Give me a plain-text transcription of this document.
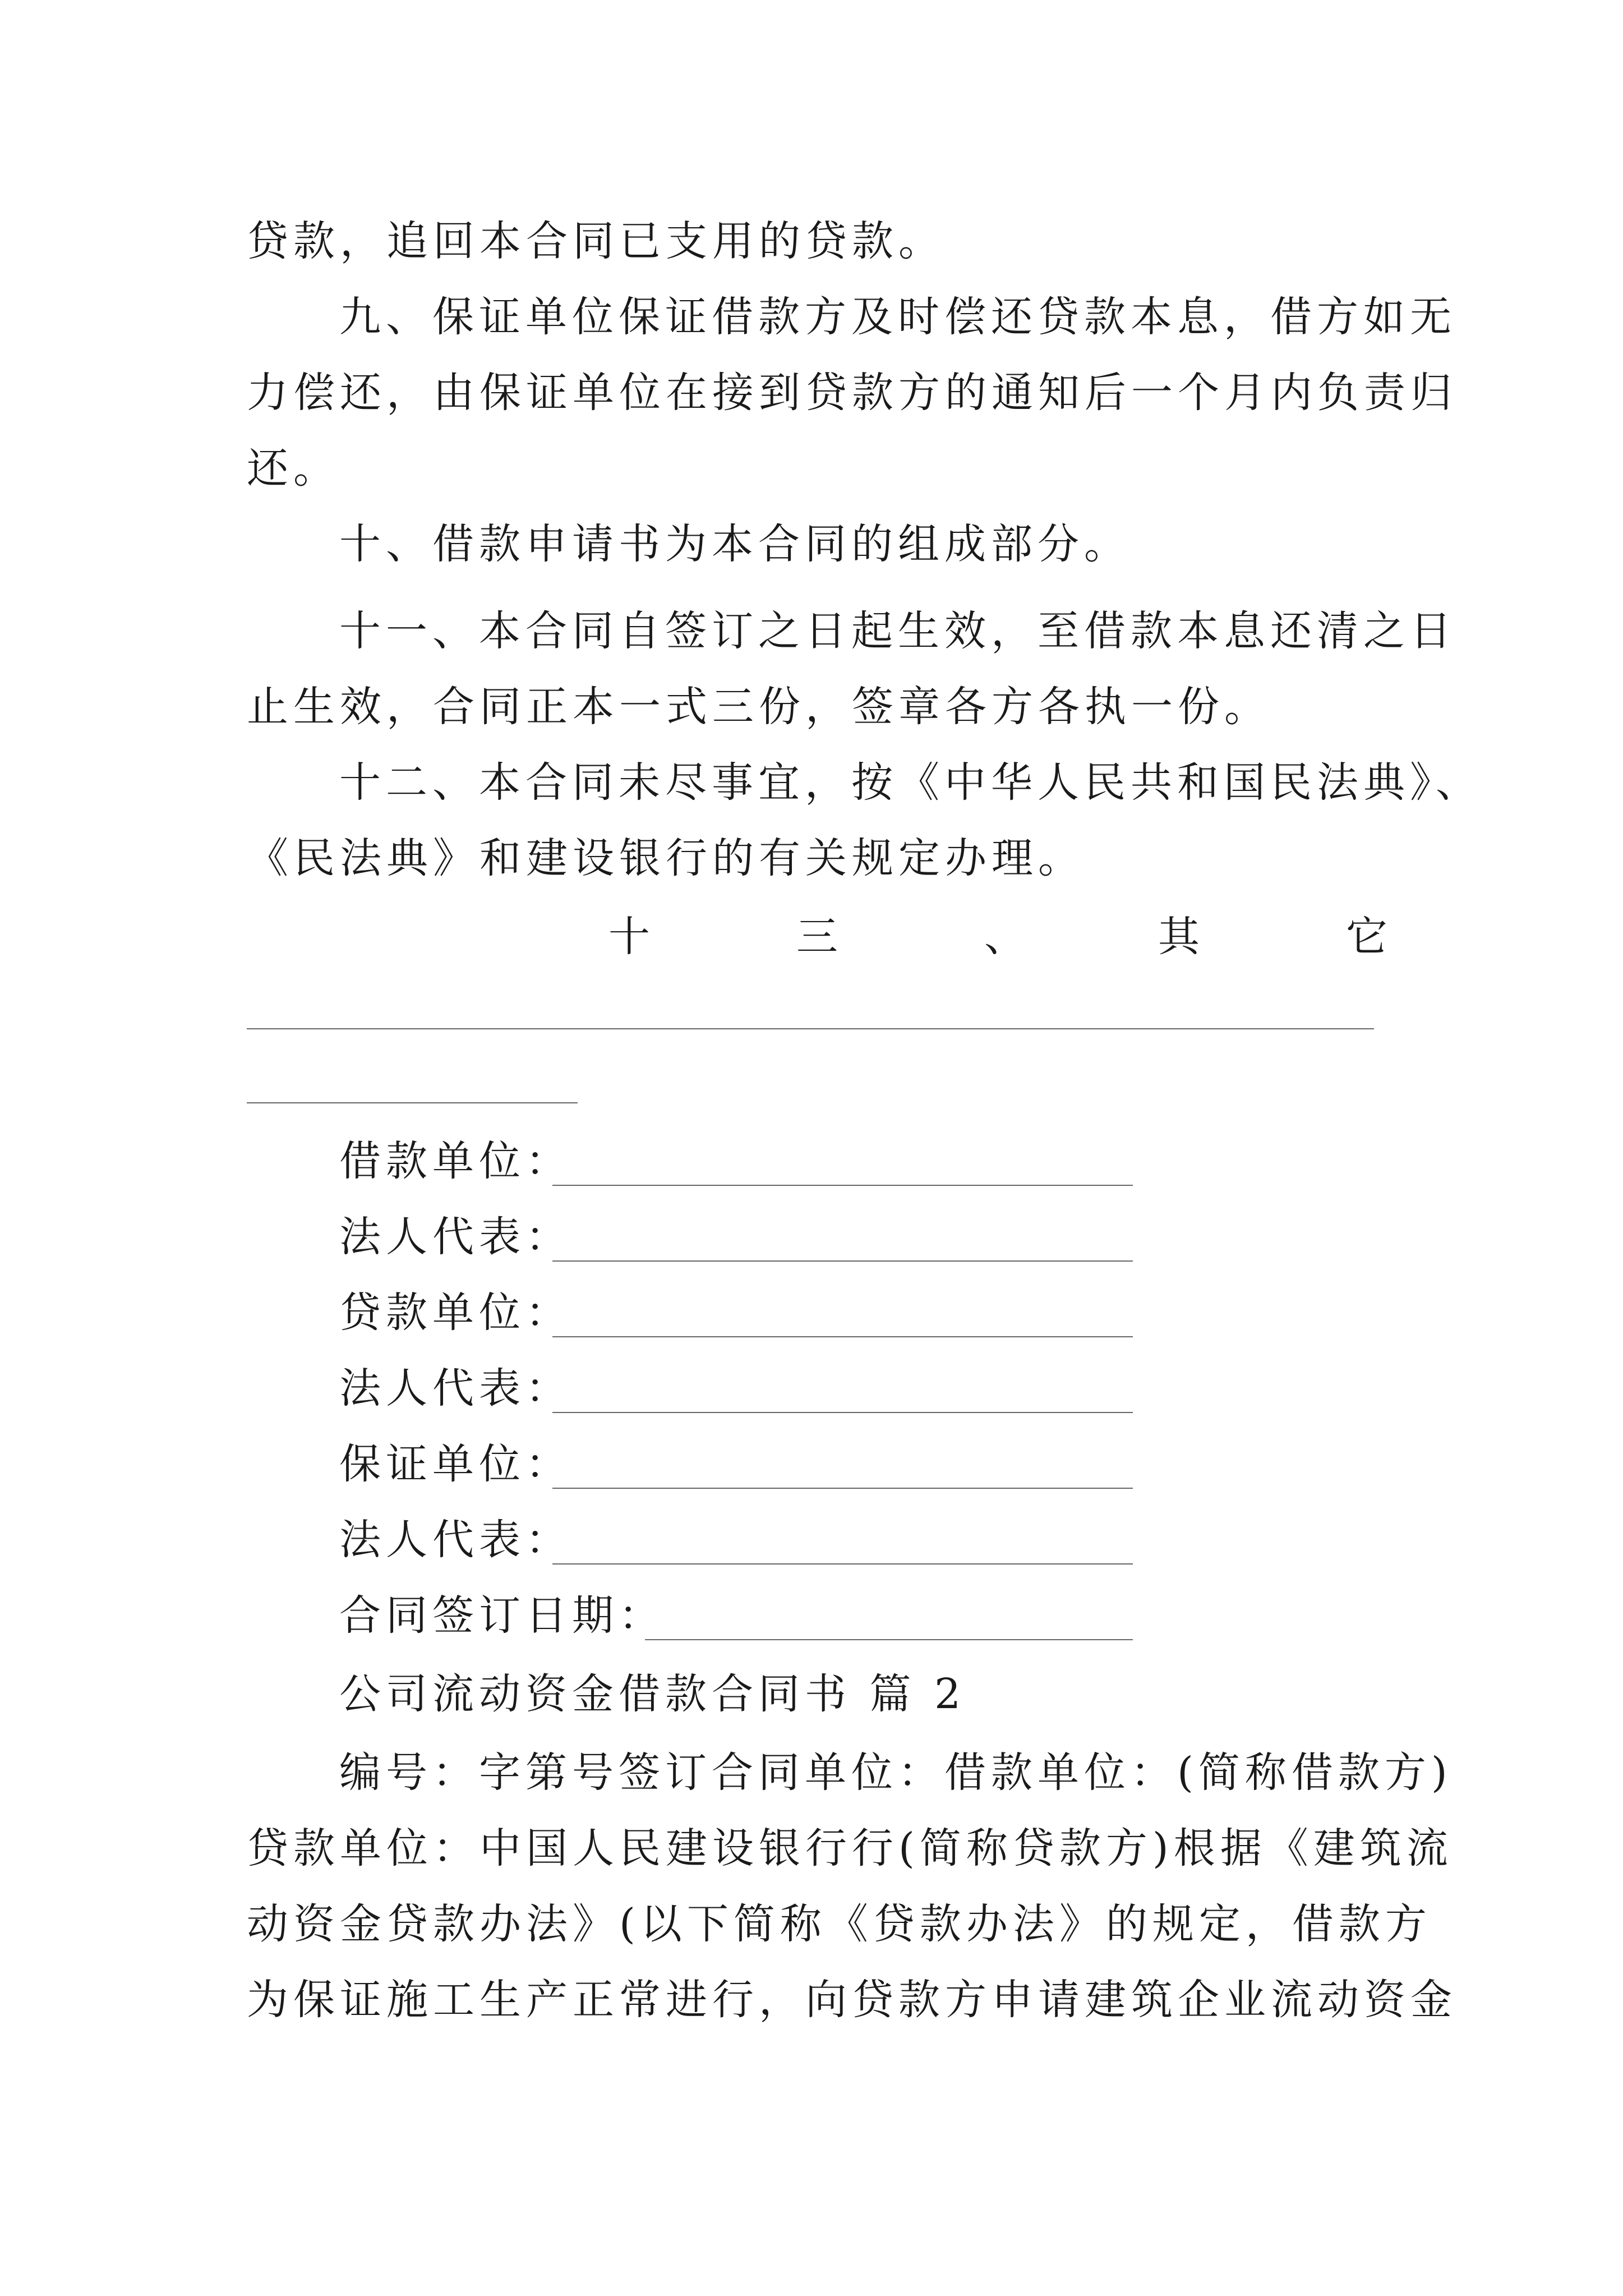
贷款，追回本合同已支用的贷款。
九、保证单位保证借款方及时偿还贷款本息，借方如无
力偿还，由保证单位在接到贷款方的通知后一个月内负责归
还。
十、借款申请书为本合同的组成部分。
十一、本合同自签订之日起生效，至借款本息还清之日
止生效，合同正本一式三份，签章各方各执一份。
十二、本合同未尽事宜，按《中华人民共和国民法典》、
《民法典》和建设银行的有关规定办理。
十	三	、	其	它
借款单位：
法人代表：
贷款单位：
法人代表：
保证单位：
法人代表：
合同签订日期：
公司流动资金借款合同书 篇 2
编号：字第号签订合同单位：借款单位：(简称借款方)
贷款单位：中国人民建设银行行(简称贷款方)根据《建筑流
动资金贷款办法》(以下简称《贷款办法》的规定，借款方
为保证施工生产正常进行，向贷款方申请建筑企业流动资金
